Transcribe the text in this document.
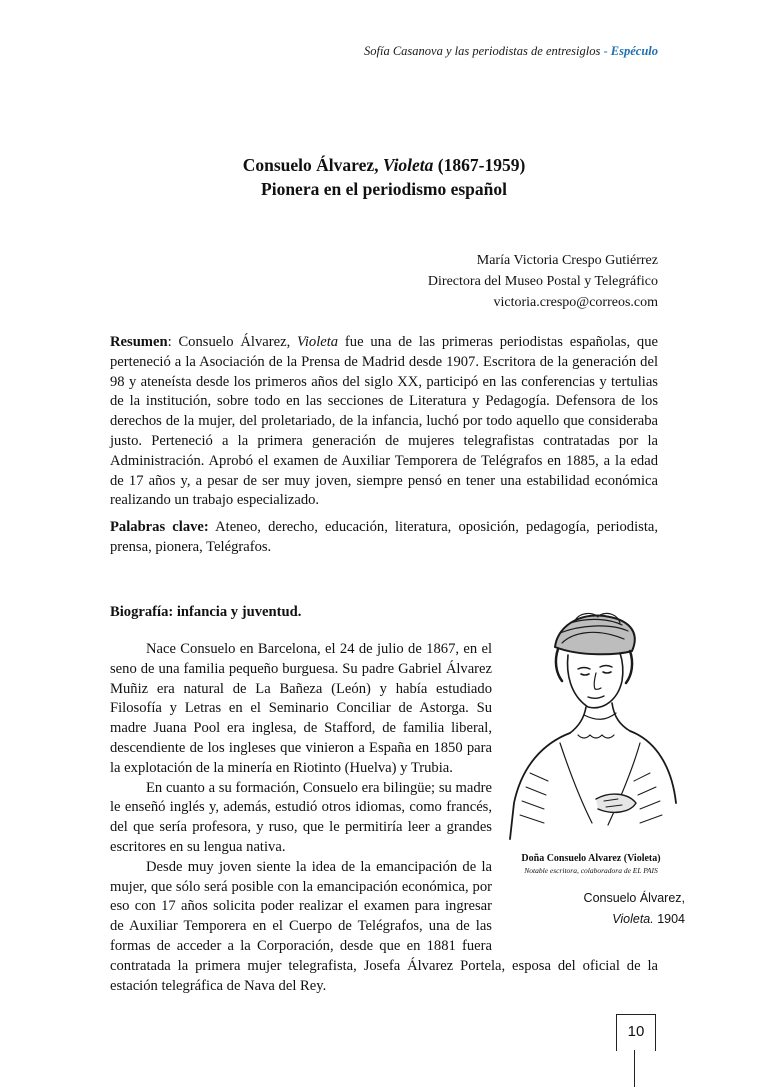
Sofía Casanova y las periodistas de entresiglos - Espéculo
Consuelo Álvarez, Violeta (1867-1959)
Pionera en el periodismo español
María Victoria Crespo Gutiérrez
Directora del Museo Postal y Telegráfico
victoria.crespo@correos.com
Resumen: Consuelo Álvarez, Violeta fue una de las primeras periodistas españolas, que perteneció a la Asociación de la Prensa de Madrid desde 1907. Escritora de la generación del 98 y ateneísta desde los primeros años del siglo XX, participó en las conferencias y tertulias de la institución, sobre todo en las secciones de Literatura y Pedagogía. Defensora de los derechos de la mujer, del proletariado, de la infancia, luchó por todo aquello que consideraba justo. Perteneció a la primera generación de mujeres telegrafistas contratadas por la Administración. Aprobó el examen de Auxiliar Temporera de Telégrafos en 1885, a la edad de 17 años y, a pesar de ser muy joven, siempre pensó en tener una estabilidad económica realizando un trabajo especializado.
Palabras clave: Ateneo, derecho, educación, literatura, oposición, pedagogía, periodista, prensa, pionera, Telégrafos.
Biografía: infancia y juventud.

Nace Consuelo en Barcelona, el 24 de julio de 1867, en el seno de una familia pequeño burguesa. Su padre Gabriel Álvarez Muñiz era natural de La Bañeza (León) y había estudiado Filosofía y Letras en el Seminario Conciliar de Astorga. Su madre Juana Pool era inglesa, de Stafford, de familia liberal, descendiente de los ingleses que vinieron a España en 1850 para la explotación de la minería en Riotinto (Huelva) y Trubia.

En cuanto a su formación, Consuelo era bilingüe; su madre le enseñó inglés y, además, estudió otros idiomas, como francés, del que sería profesora, y ruso, que le permitiría leer a grandes escritores en su lengua nativa.

Desde muy joven siente la idea de la emancipación de la mujer, que sólo será posible con la emancipación económica, por eso con 17 años solicita poder realizar el examen para ingresar de Auxiliar Temporera en el Cuerpo de Telégrafos, una de las formas de acceder a la Corporación, desde que en 1881 fuera contratada la primera mujer telegrafista, Josefa Álvarez Portela, esposa del oficial de la estación telegráfica de Nava del Rey.

Doña Consuelo Alvarez (Violeta)
Notable escritora, colaboradora de EL PAIS
Consuelo Álvarez,
Violeta. 1904
10
